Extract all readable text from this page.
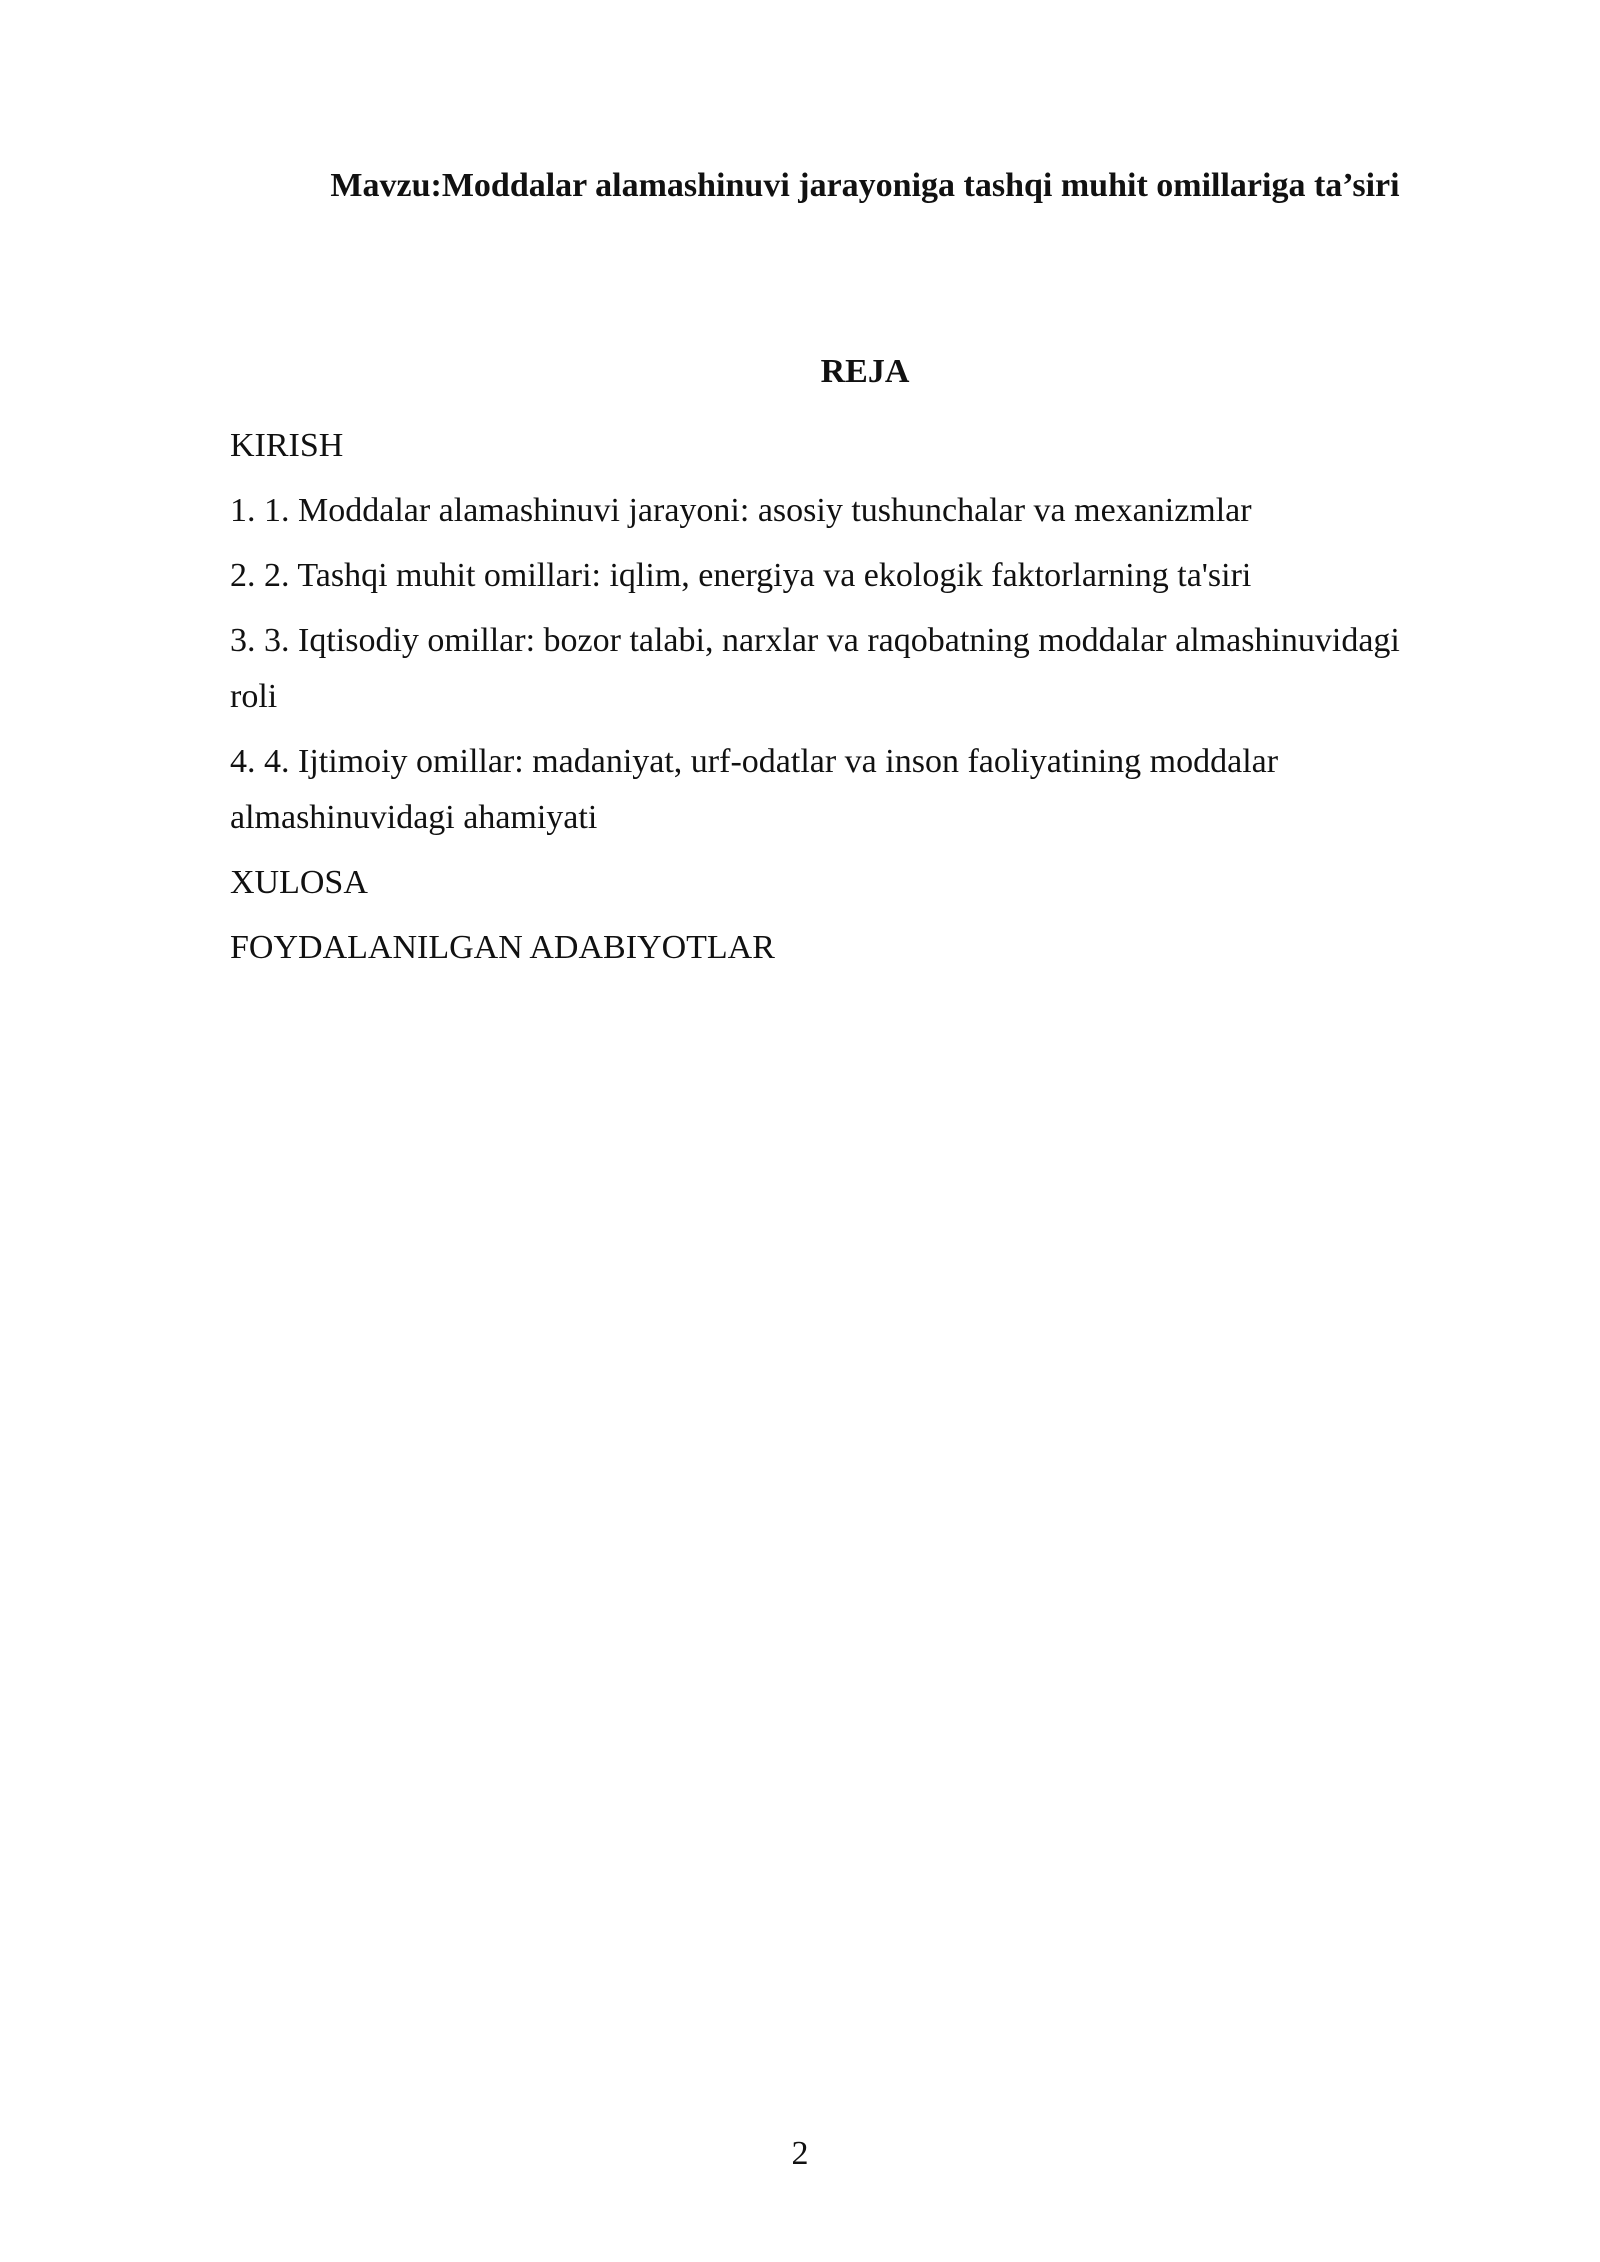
Mavzu:Moddalar alamashinuvi jarayoniga tashqi muhit omillariga ta’siri
REJA
KIRISH
1. 1. Moddalar alamashinuvi jarayoni: asosiy tushunchalar va mexanizmlar
2. 2. Tashqi muhit omillari: iqlim, energiya va ekologik faktorlarning ta'siri
3. 3. Iqtisodiy omillar: bozor talabi, narxlar va raqobatning moddalar almashinuvidagi roli
4. 4. Ijtimoiy omillar: madaniyat, urf-odatlar va inson faoliyatining moddalar almashinuvidagi ahamiyati
XULOSA
FOYDALANILGAN ADABIYOTLAR
2
